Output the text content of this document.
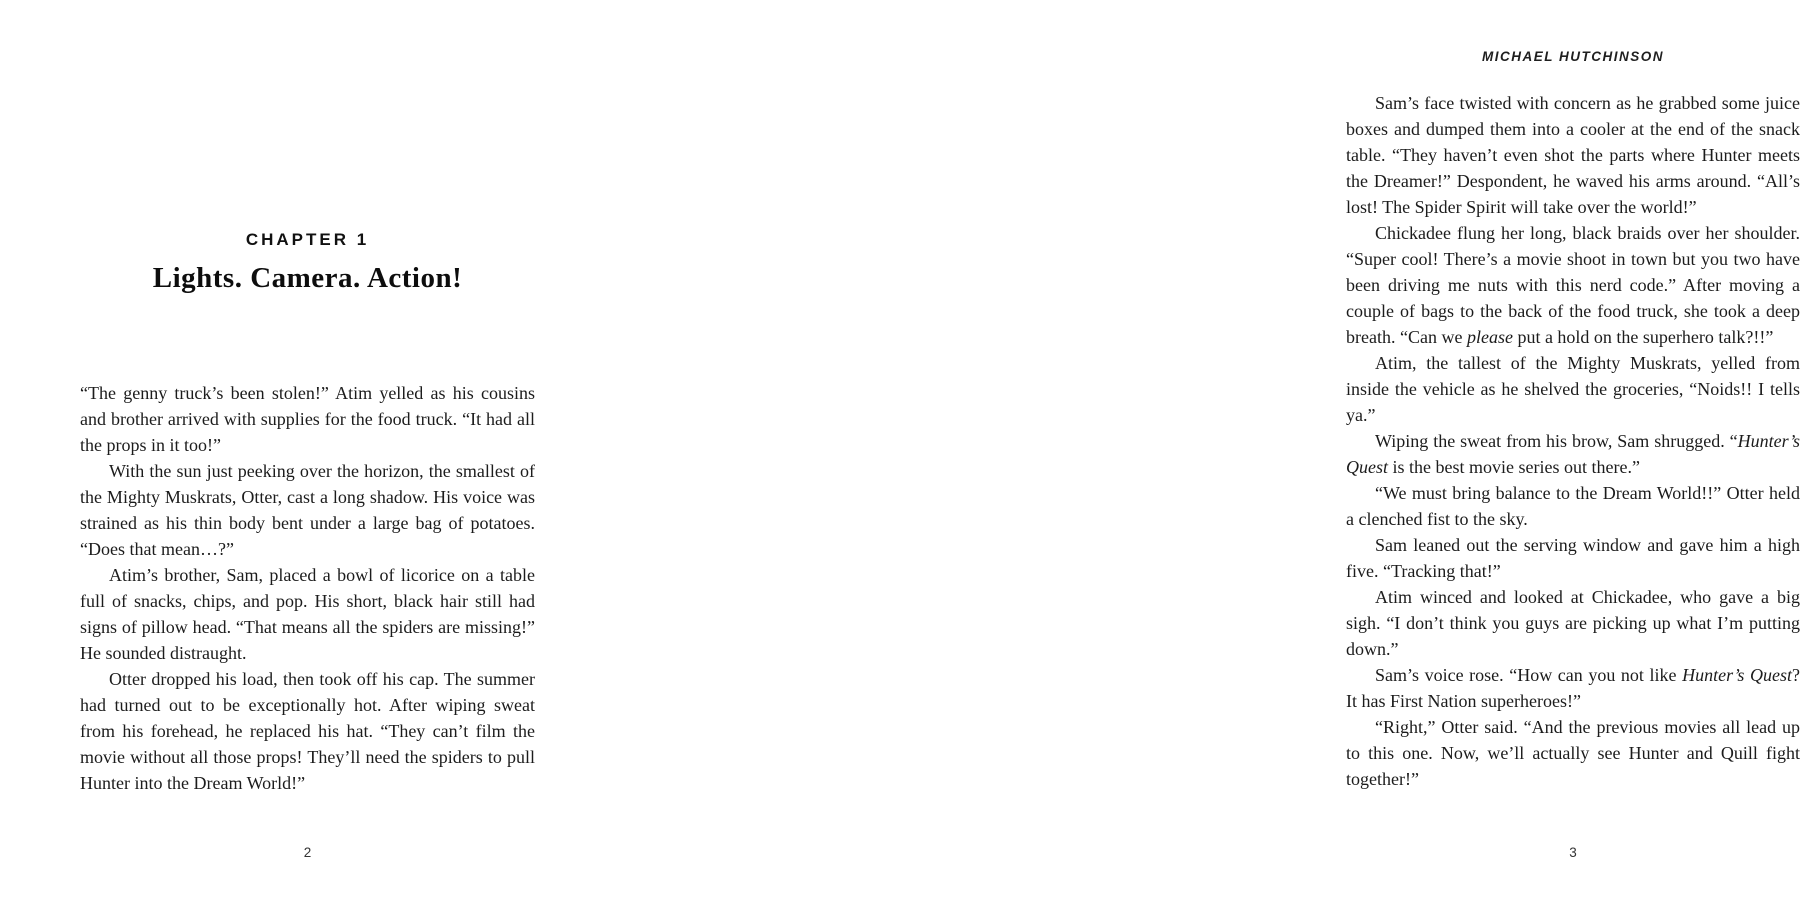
CHAPTER 1
Lights. Camera. Action!

“The genny truck’s been stolen!” Atim yelled as his cousins and brother arrived with supplies for the food truck. “It had all the props in it too!”

With the sun just peeking over the horizon, the smallest of the Mighty Muskrats, Otter, cast a long shadow. His voice was strained as his thin body bent under a large bag of potatoes. “Does that mean…?”

Atim’s brother, Sam, placed a bowl of licorice on a table full of snacks, chips, and pop. His short, black hair still had signs of pillow head. “That means all the spiders are missing!” He sounded distraught.

Otter dropped his load, then took off his cap. The summer had turned out to be exceptionally hot. After wiping sweat from his forehead, he replaced his hat. “They can’t film the movie without all those props! They’ll need the spiders to pull Hunter into the Dream World!”

2
MICHAEL HUTCHINSON

Sam’s face twisted with concern as he grabbed some juice boxes and dumped them into a cooler at the end of the snack table. “They haven’t even shot the parts where Hunter meets the Dreamer!” Despondent, he waved his arms around. “All’s lost! The Spider Spirit will take over the world!”

Chickadee flung her long, black braids over her shoulder. “Super cool! There’s a movie shoot in town but you two have been driving me nuts with this nerd code.” After moving a couple of bags to the back of the food truck, she took a deep breath. “Can we please put a hold on the superhero talk?!!”

Atim, the tallest of the Mighty Muskrats, yelled from inside the vehicle as he shelved the groceries, “Noids!! I tells ya.”

Wiping the sweat from his brow, Sam shrugged. “Hunter’s Quest is the best movie series out there.”

“We must bring balance to the Dream World!!” Otter held a clenched fist to the sky.

Sam leaned out the serving window and gave him a high five. “Tracking that!”

Atim winced and looked at Chickadee, who gave a big sigh. “I don’t think you guys are picking up what I’m putting down.”

Sam’s voice rose. “How can you not like Hunter’s Quest? It has First Nation superheroes!”

“Right,” Otter said. “And the previous movies all lead up to this one. Now, we’ll actually see Hunter and Quill fight together!”

3
